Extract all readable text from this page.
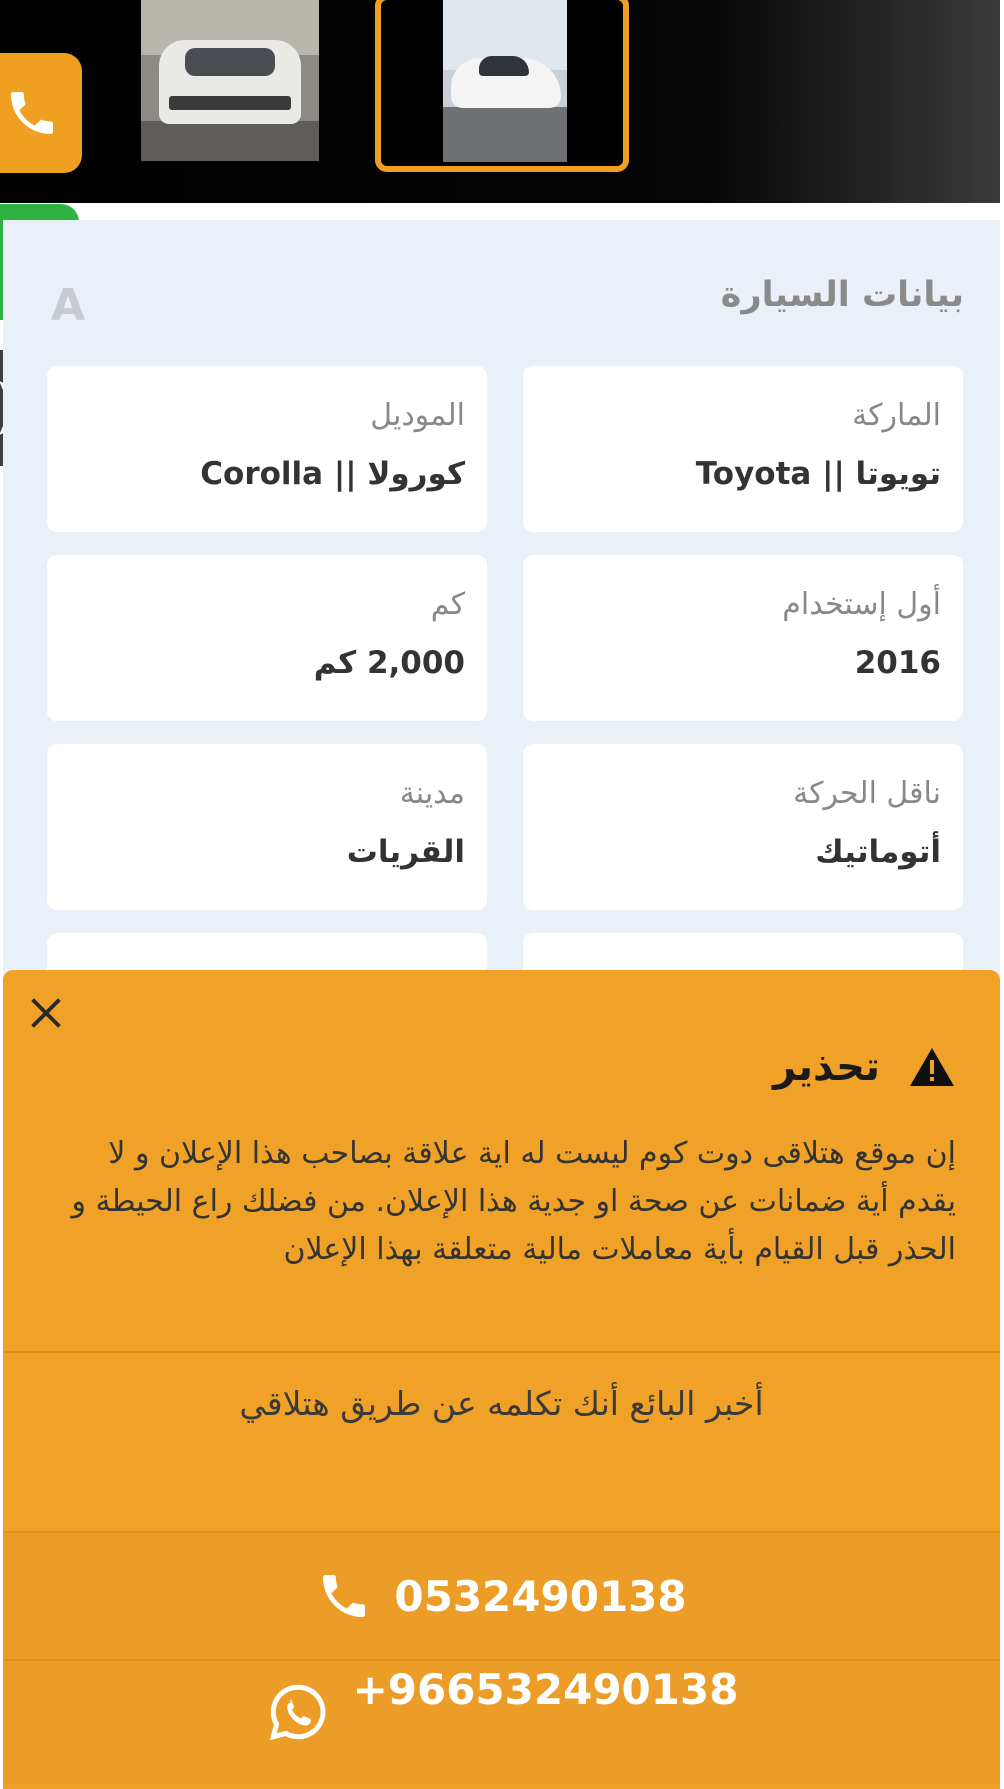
A	بيانات السيارة
الماركة
تويوتا || Toyota
الموديل
كورولا || Corolla
أول إستخدام
2016
كم
2,000 كم
ناقل الحركة
أتوماتيك
مدينة
القريات
تحذير

إن موقع هتلاقى دوت كوم ليست له اية علاقة بصاحب هذا الإعلان و لا يقدم أية ضمانات عن صحة او جدية هذا الإعلان. من فضلك راع الحيطة و الحذر قبل القيام بأية معاملات مالية متعلقة بهذا الإعلان

أخبر البائع أنك تكلمه عن طريق هتلاقي
0532490138
+966532490138
